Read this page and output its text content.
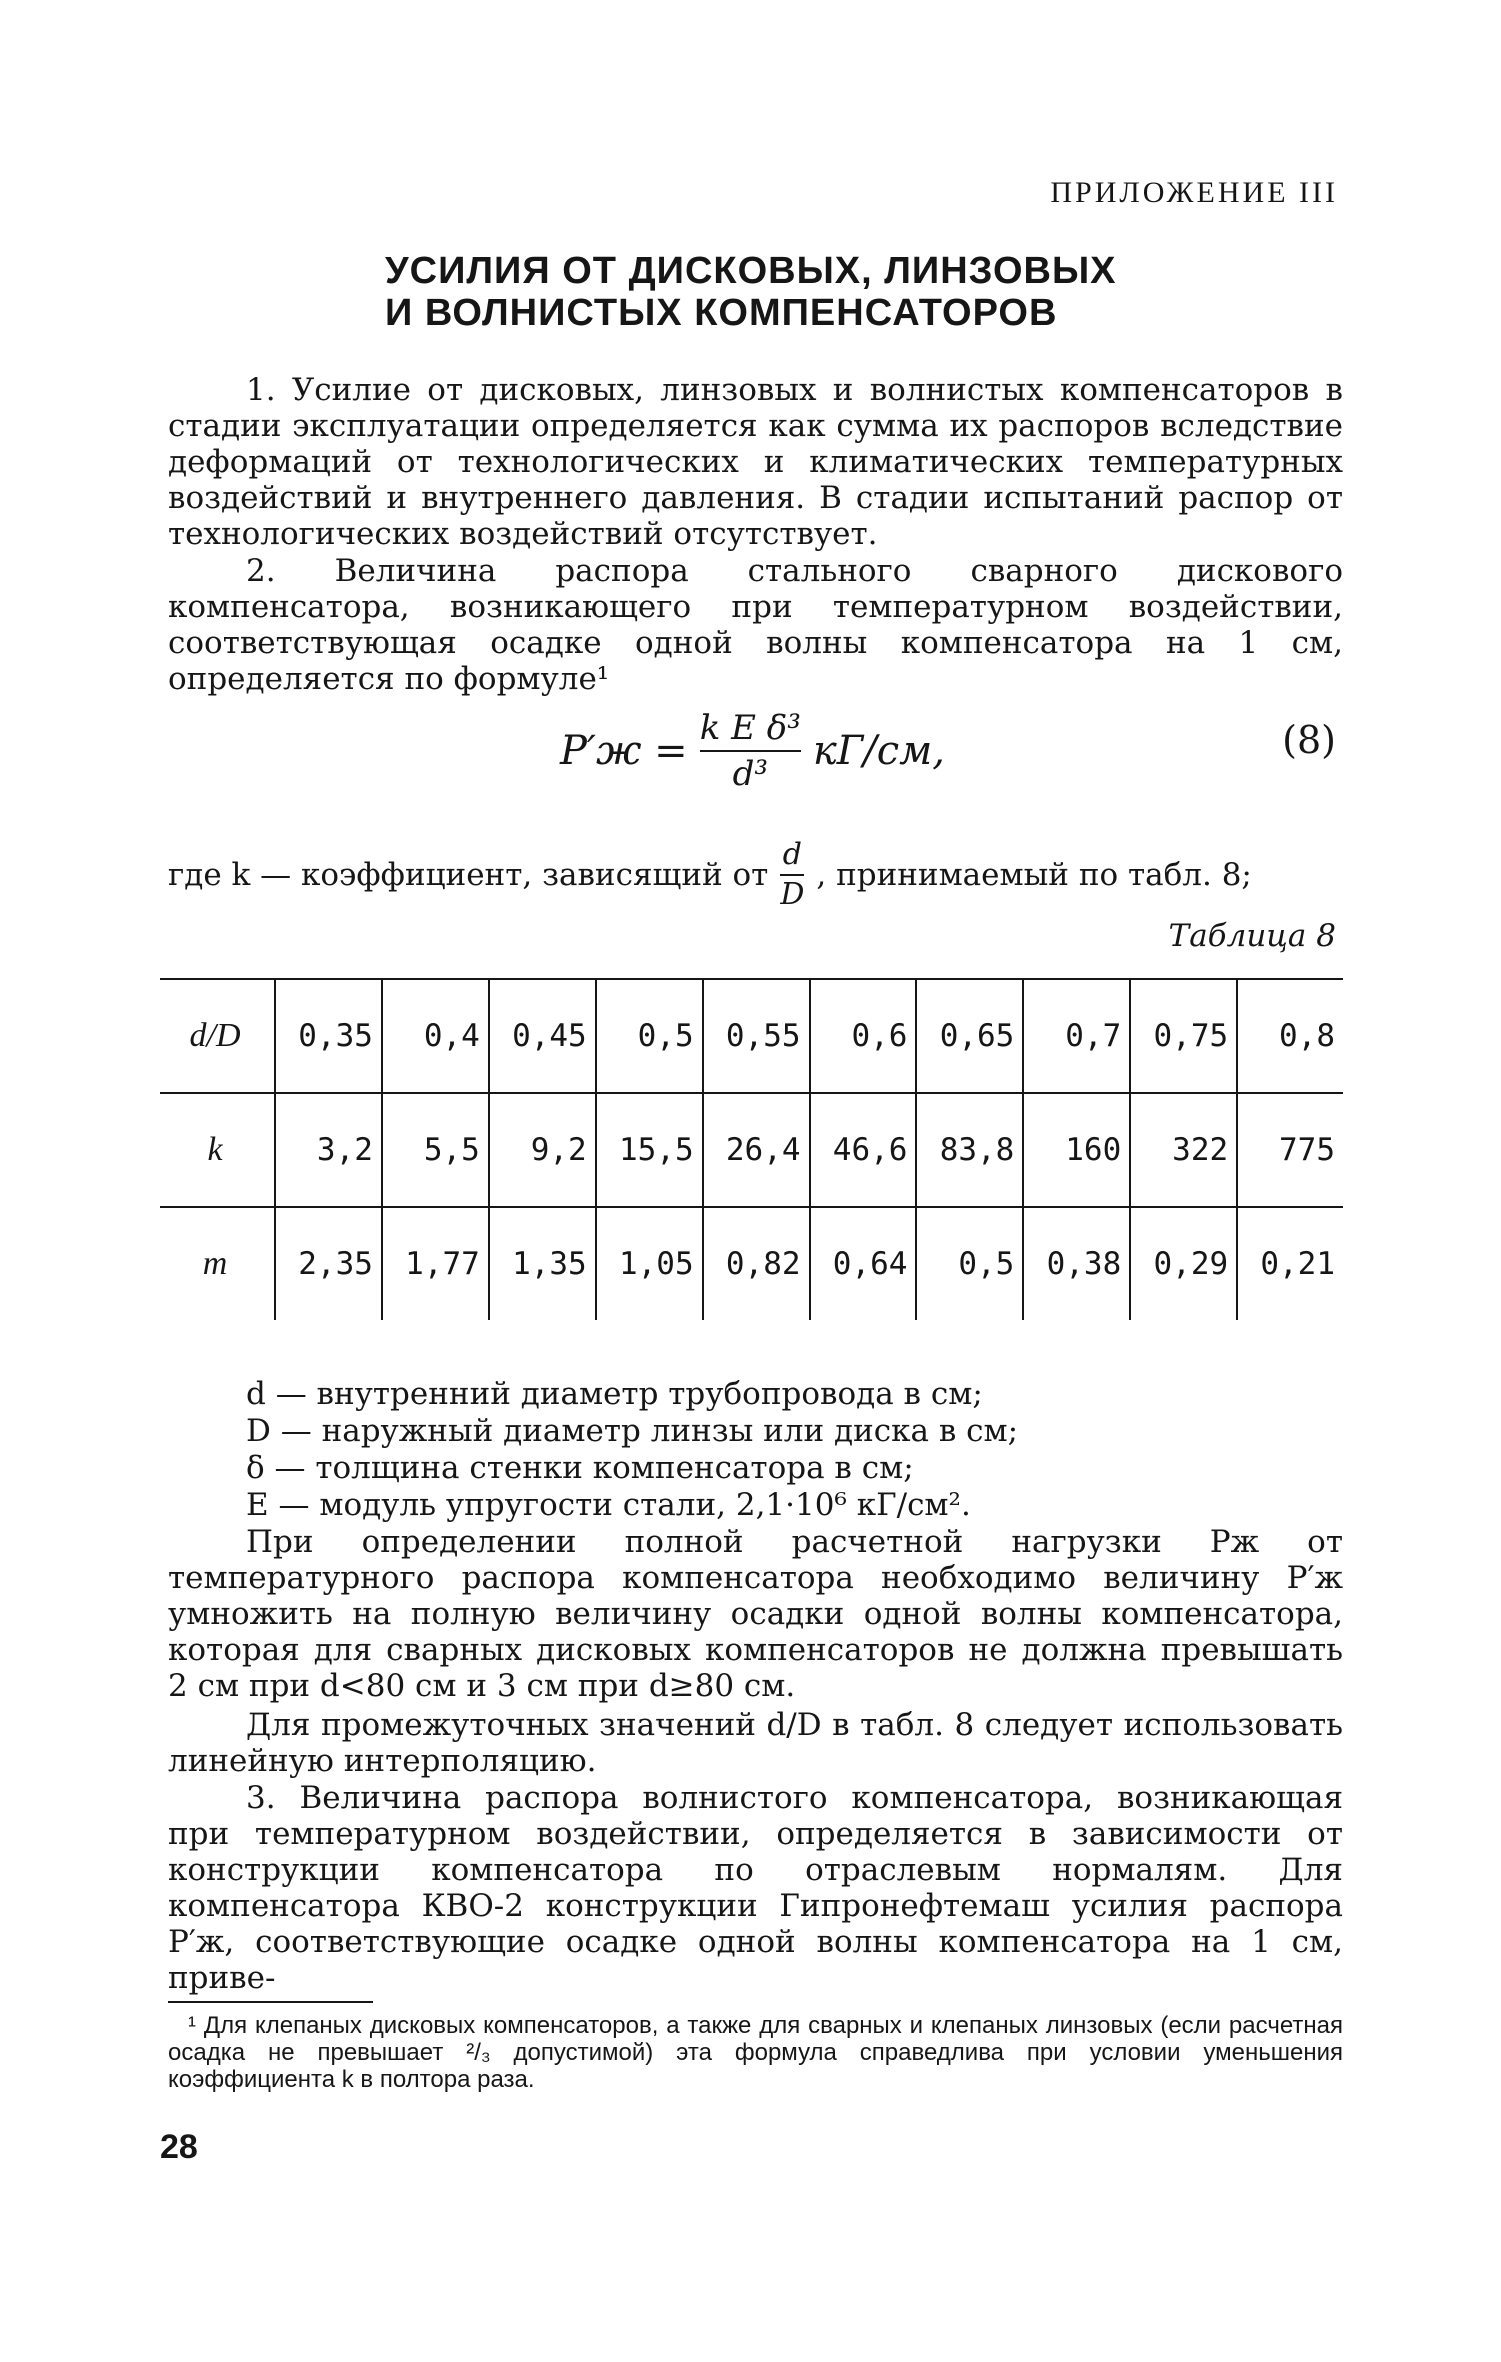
ПРИЛОЖЕНИЕ III
УСИЛИЯ ОТ ДИСКОВЫХ, ЛИНЗОВЫХ
И ВОЛНИСТЫХ КОМПЕНСАТОРОВ
1. Усилие от дисковых, линзовых и волнистых компенсаторов в стадии эксплуатации определяется как сумма их распоров вследствие деформаций от технологических и климатических температурных воздействий и внутреннего давления. В стадии испытаний распор от технологических воздействий отсутствует.
2. Величина распора стального сварного дискового компенсатора, возникающего при температурном воздействии, соответствующая осадке одной волны компенсатора на 1 см, определяется по формуле¹
$P'ж = \frac{\text{k E δ³}}{\text{d³}} кГ/см$,	(8)
где k — коэффициент, зависящий от $\frac{d}{D}$ , принимаемый по табл. 8;
Таблица 8
d/D	0,35	0,4	0,45	0,5	0,55	0,6	0,65	0,7	0,75	0,8
k	3,2	5,5	9,2	15,5	26,4	46,6	83,8	160	322	775
m	2,35	1,77	1,35	1,05	0,82	0,64	0,5	0,38	0,29	0,21
d — внутренний диаметр трубопровода в см;
D — наружный диаметр линзы или диска в см;
δ — толщина стенки компенсатора в см;
E — модуль упругости стали, 2,1·10⁶ кГ/см².
При определении полной расчетной нагрузки Pж от температурного распора компенсатора необходимо величину P′ж умножить на полную величину осадки одной волны компенсатора, которая для сварных дисковых компенсаторов не должна превышать 2 см при d<80 см и 3 см при d≥80 см.
Для промежуточных значений d/D в табл. 8 следует использовать линейную интерполяцию.
3. Величина распора волнистого компенсатора, возникающая при температурном воздействии, определяется в зависимости от конструкции компенсатора по отраслевым нормалям. Для компенсатора КВО-2 конструкции Гипронефтемаш усилия распора P′ж, соответствующие осадке одной волны компенсатора на 1 см, приве-
¹ Для клепаных дисковых компенсаторов, а также для сварных и клепаных линзовых (если расчетная осадка не превышает ²/₃ допустимой) эта формула справедлива при условии уменьшения коэффициента k в полтора раза.
28
